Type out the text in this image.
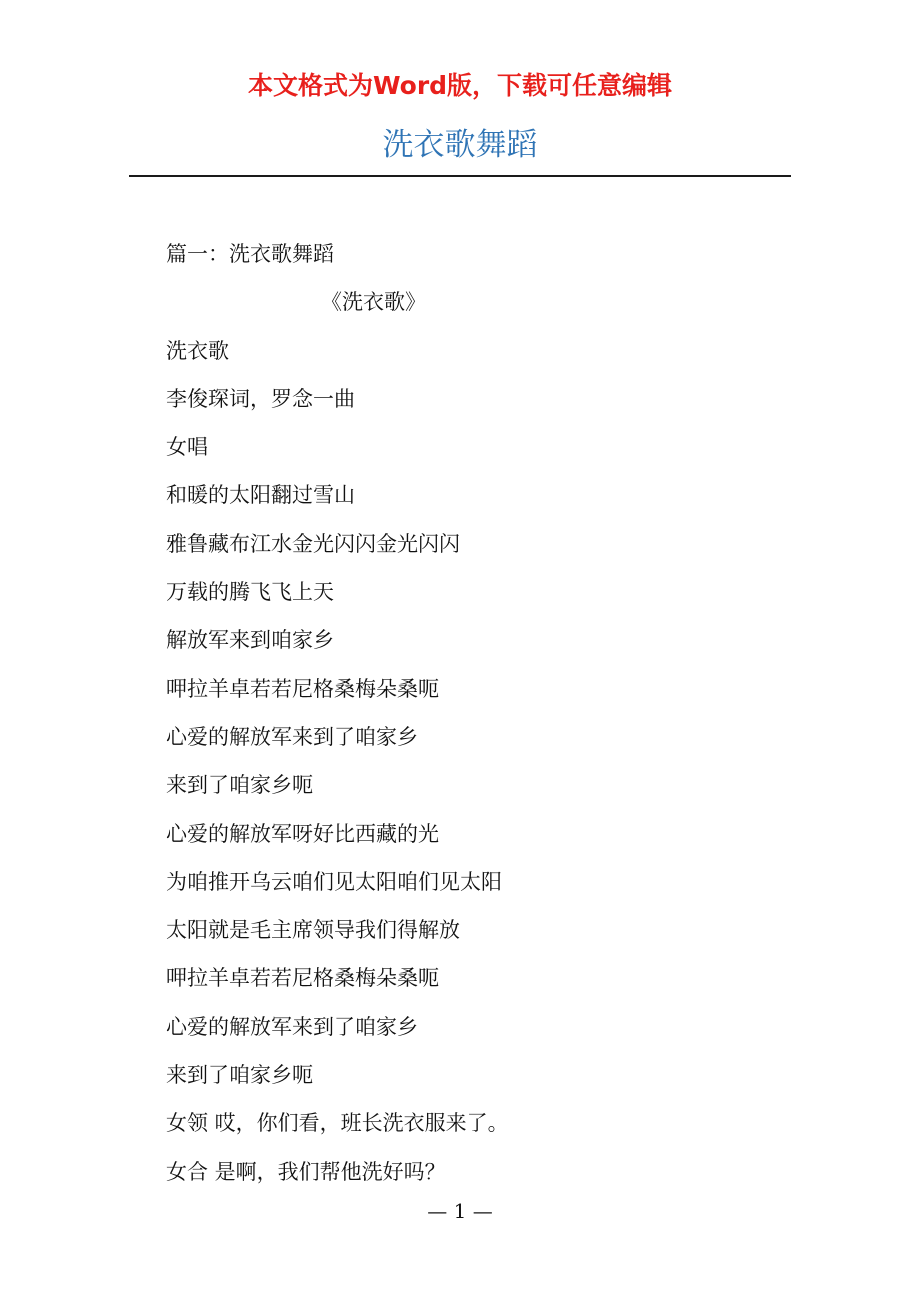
本文格式为Word版，下载可任意编辑
洗衣歌舞蹈
篇一：洗衣歌舞蹈
《洗衣歌》
洗衣歌
李俊琛词，罗念一曲
女唱
和暖的太阳翻过雪山
雅鲁藏布江水金光闪闪金光闪闪
万载的腾飞飞上天
解放军来到咱家乡
呷拉羊卓若若尼格桑梅朵桑呃
心爱的解放军来到了咱家乡
来到了咱家乡呃
心爱的解放军呀好比西藏的光
为咱推开乌云咱们见太阳咱们见太阳
太阳就是毛主席领导我们得解放
呷拉羊卓若若尼格桑梅朵桑呃
心爱的解放军来到了咱家乡
来到了咱家乡呃
女领 哎，你们看，班长洗衣服来了。
女合 是啊，我们帮他洗好吗？
— 1 —
